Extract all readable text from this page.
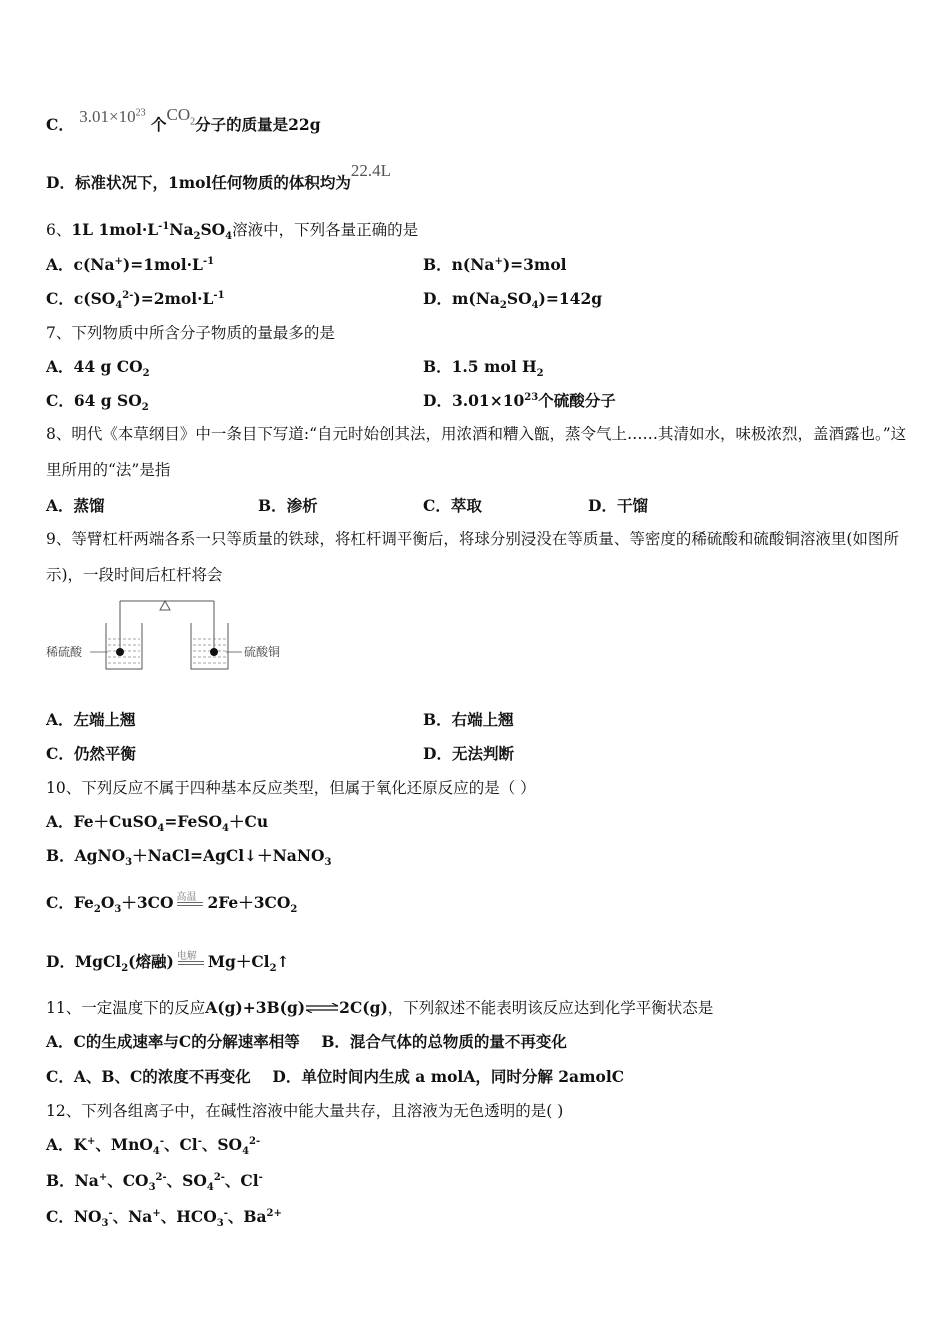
C． $3.01\times 10^{23}$ 个$CO_2$分子的质量是22g
D．标准状况下，1mol任何物质的体积均为22.4L
6、1L $1mol\cdot L^{-1}Na_2SO_4$溶液中，下列各量正确的是
A．$c(Na^+)=1mol\cdot L^{-1}$	B．n(Na+)=3mol
C．$c(SO_4^{2-})=2mol\cdot L^{-1}$	D．$m(Na_2SO_4)=142g$
7、下列物质中所含分子物质的量最多的是
A．44 g $CO_2$	B．1.5 mol $H_2$
C．64 g $SO_2$	D．$3.01\times 10^{23}$个硫酸分子
8、明代《本草纲目》中一条目下写道:“自元时始创其法，用浓酒和糟入甑，蒸令气上……其清如水，味极浓烈，盖酒露也。”这里所用的“法”是指
A．蒸馏	B．渗析	C．萃取	D．干馏
9、等臂杠杆两端各系一只等质量的铁球，将杠杆调平衡后，将球分别浸没在等质量、等密度的稀硫酸和硫酸铜溶液里(如图所示)，一段时间后杠杆将会
稀硫酸	硫酸铜
A．左端上翘	B．右端上翘
C．仍然平衡	D．无法判断
10、下列反应不属于四种基本反应类型，但属于氧化还原反应的是（ ）
A．Fe＋CuSO$_4$=FeSO$_4$＋Cu
B．AgNO$_3$＋NaCl=AgCl↓＋NaNO$_3$
C．$Fe_2O_3+3CO$ 高温 $2Fe+3CO_2$
D．MgCl$_2$(熔融) 电解 $Mg+Cl_2↑$
11、一定温度下的反应A(g)+3B(g)⇌2C(g)，下列叙述不能表明该反应达到化学平衡状态是
A．C的生成速率与C的分解速率相等 B．混合气体的总物质的量不再变化
C．A、B、C的浓度不再变化 D．单位时间内生成 a molA，同时分解 2amolC
12、下列各组离子中，在碱性溶液中能大量共存，且溶液为无色透明的是( )
A．K+、MnO$_4$-、Cl-、$SO_4^{2-}$
B．Na+、$CO_3^{2-}$、$SO_4^{2-}$、Cl-
C．$NO_3^-$、Na+、$HCO_3^-$、$Ba^{2+}$
